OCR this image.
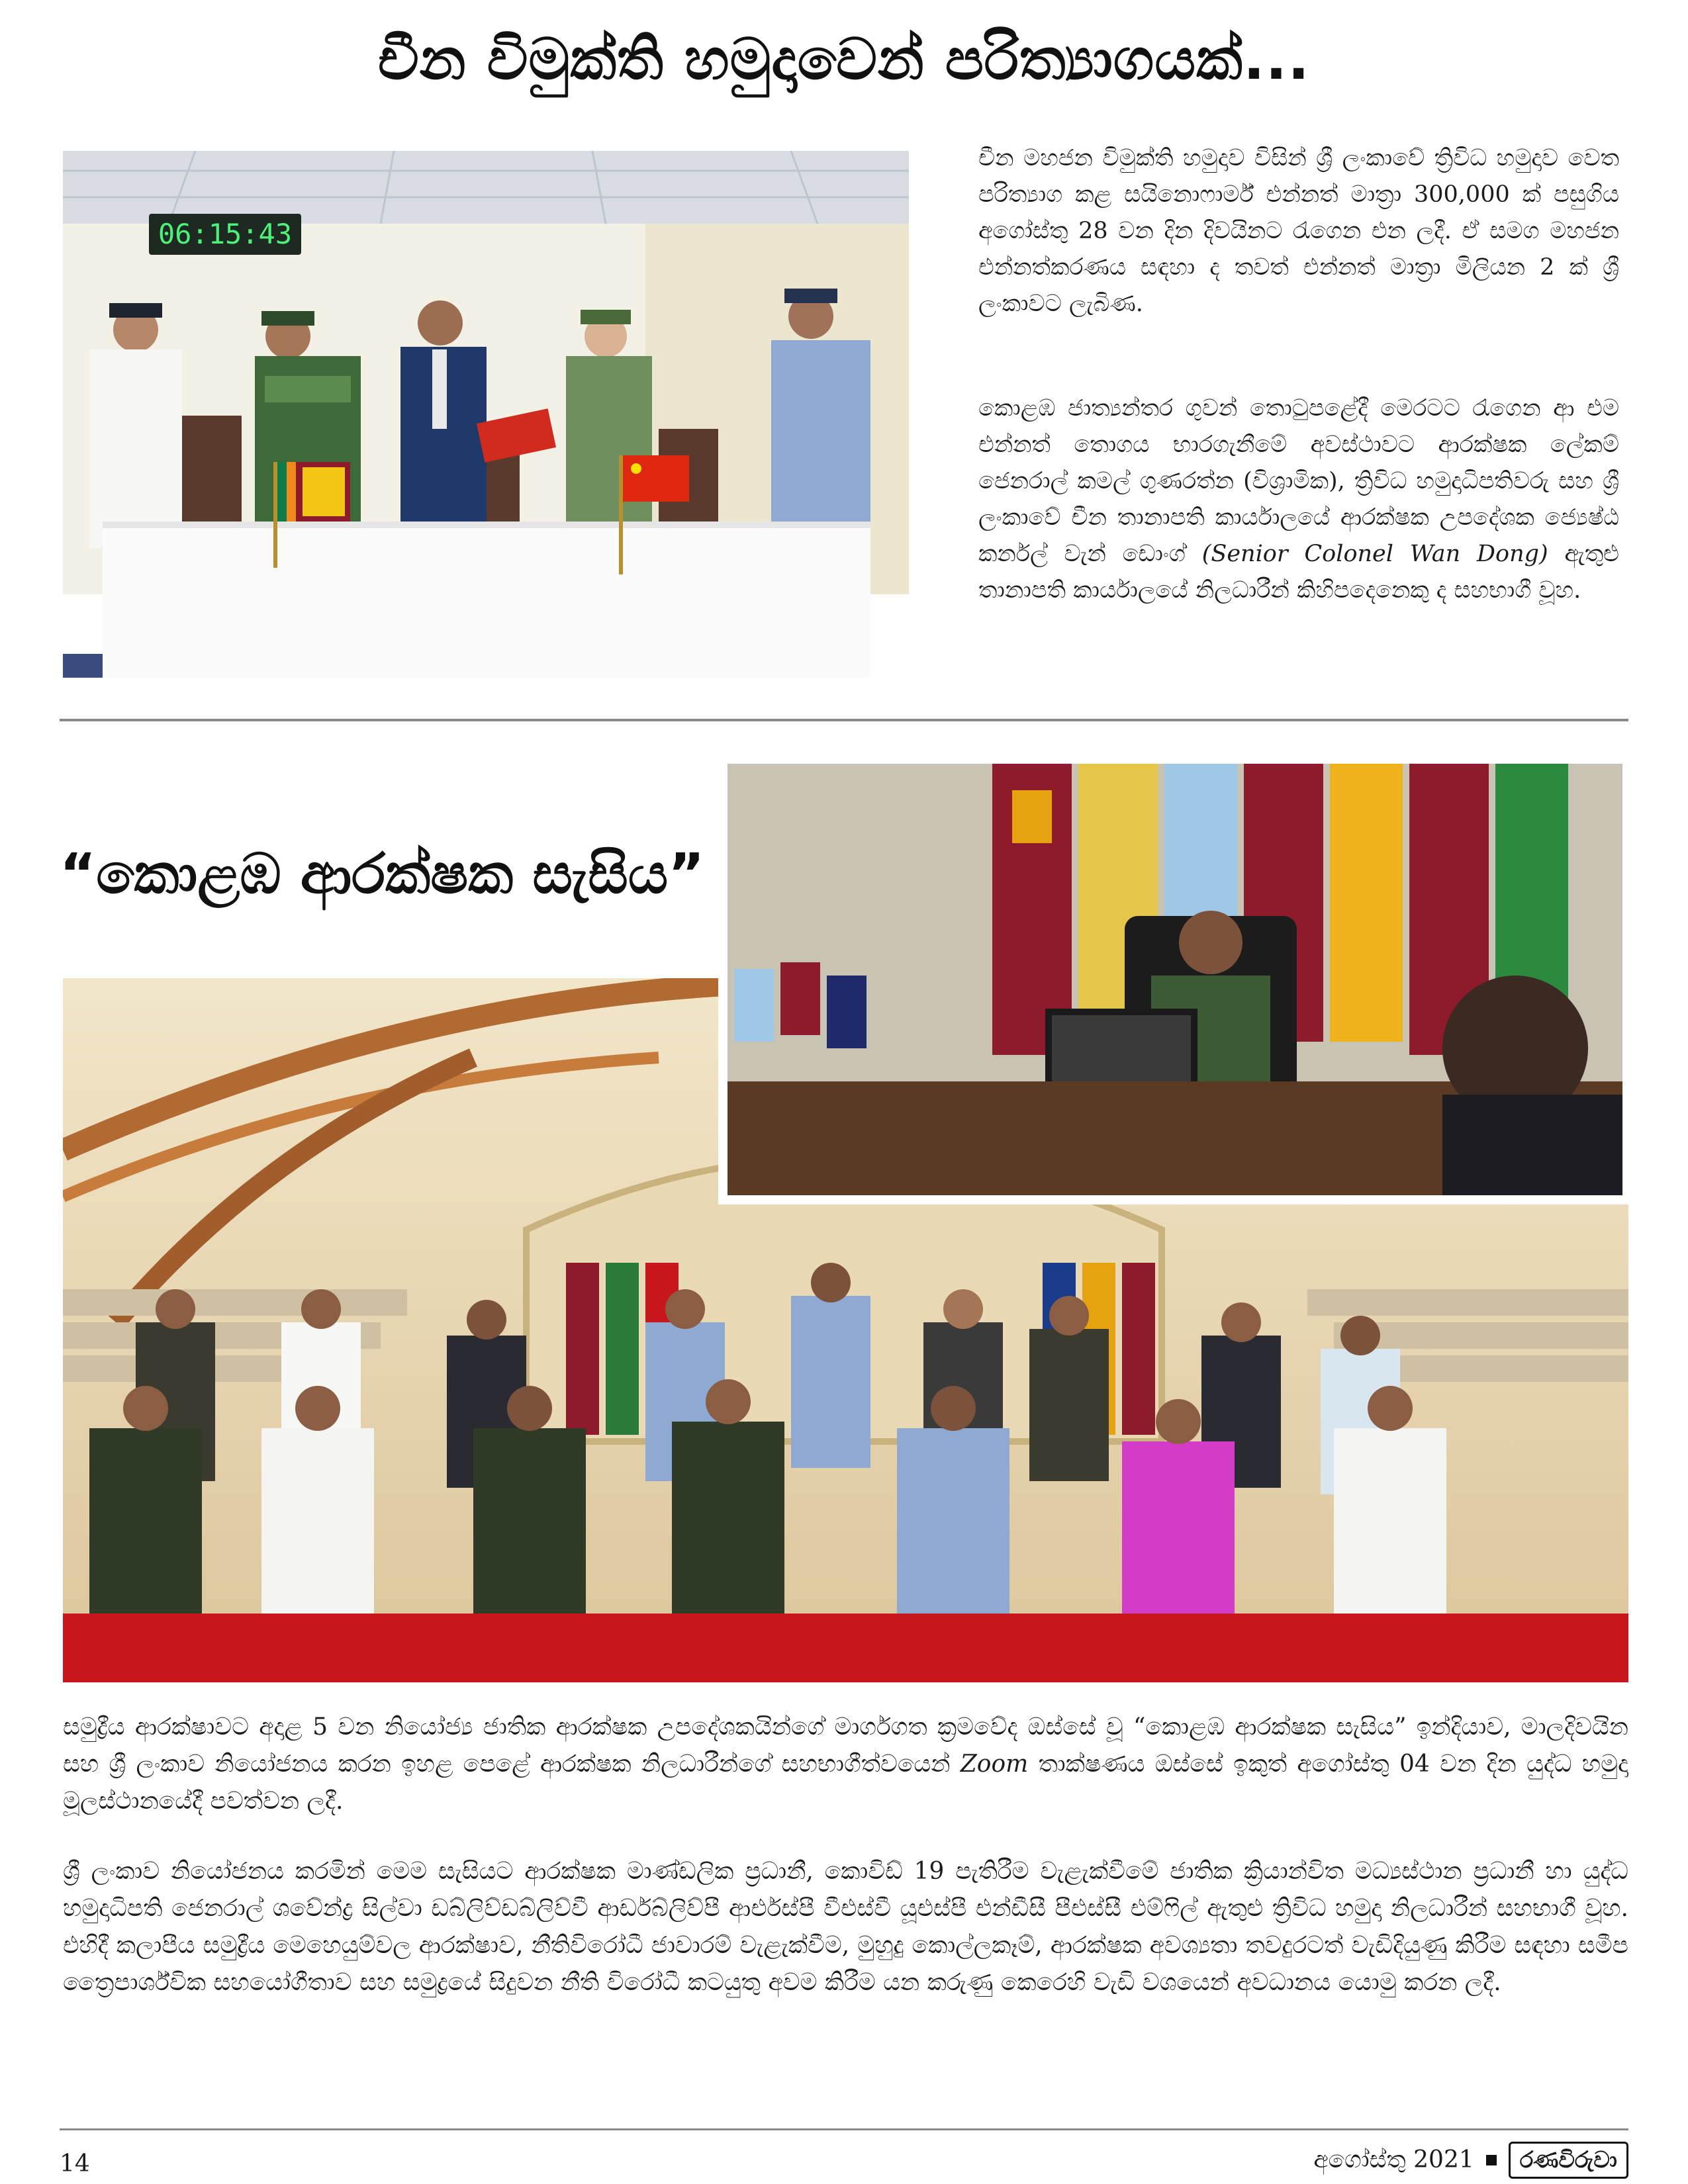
චීන විමුක්ති හමුදාවෙන් පරිත්‍යාගයක්...
06:15:43
චීන මහජන විමුක්ති හමුදාව විසින් ශ්‍රී ලංකාවේ ත්‍රිවිධ හමුදාව වෙත පරිත්‍යාග කළ සයිනොෆාර්ම් එන්නත් මාත්‍රා 300,000 ක් පසුගිය අගෝස්තු 28 වන දින දිවයිනට රැගෙන එන ලදී. ඒ සමග මහජන එන්නත්කරණය සඳහා ද තවත් එන්නත් මාත්‍රා මිලියන 2 ක් ශ්‍රී ලංකාවට ලැබිණ.
කොළඹ ජාත්‍යන්තර ගුවන් තොටුපළේදී මෙරටට රැගෙන ආ එම එන්නත් තොගය භාරගැනීමේ අවස්ථාවට ආරක්ෂක ලේකම් ජෙනරාල් කමල් ගුණරත්න (විශ්‍රාමික), ත්‍රිවිධ හමුදාධිපතිවරු සහ ශ්‍රී ලංකාවේ චීන තානාපති කාර්යාලයේ ආරක්ෂක උපදේශක ජ්‍යෙෂ්ඨ කර්නල් වැන් ඩොංග් (Senior Colonel Wan Dong) ඇතුළු තානාපති කාර්යාලයේ නිලධාරීන් කිහිපදෙනෙකු ද සහභාගී වූහ.
“කොළඹ ආරක්ෂක සැසිය”
සමුද්‍රීය ආරක්ෂාවට අදාළ 5 වන නියෝජ්‍ය ජාතික ආරක්ෂක උපදේශකයින්ගේ මාර්ගගත ක්‍රමවේද ඔස්සේ වූ “කොළඹ ආරක්ෂක සැසිය” ඉන්දියාව, මාලදිවයින සහ ශ්‍රී ලංකාව නියෝජනය කරන ඉහළ පෙළේ ආරක්ෂක නිලධාරීන්ගේ සහභාගීත්වයෙන් Zoom තාක්ෂණය ඔස්සේ ඉකුත් අගෝස්තු 04 වන දින යුද්ධ හමුදා මූලස්ථානයේදී පවත්වන ලදී.
ශ්‍රී ලංකාව නියෝජනය කරමින් මෙම සැසියට ආරක්ෂක මාණ්ඩලික ප්‍රධානී, කොවිඩ් 19 පැතිරීම වැළැක්වීමේ ජාතික ක්‍රියාන්විත මධ්‍යස්ථාන ප්‍රධානී හා යුද්ධ හමුදාධිපති ජෙනරාල් ශවේන්ද්‍ර සිල්වා ඩබ්ලිව්ඩබ්ලිව්වී ආර්ඩබ්ලිව්පී ආර්එස්පී වීඑස්වී යූඑස්පී එන්ඩීසී පීඑස්සී එම්ෆිල් ඇතුළු ත්‍රිවිධ හමුදා නිලධාරීන් සහභාගී වූහ. එහිදී කලාපීය සමුද්‍රීය මෙහෙයුම්වල ආරක්ෂාව, නීතිවිරෝධී ජාවාරම් වැළැක්වීම, මුහුදු කොල්ලකෑම්, ආරක්ෂක අවශ්‍යතා තවදුරටත් වැඩිදියුණු කිරීම සඳහා සමීප ත්‍රෛපාර්ශ්වික සහයෝගීතාව සහ සමුද්‍රයේ සිදුවන නීති විරෝධී කටයුතු අවම කිරීම යන කරුණු කෙරෙහි වැඩි වශයෙන් අවධානය යොමු කරන ලදී.
14	අගෝස්තු 2021	රණවිරුවා
